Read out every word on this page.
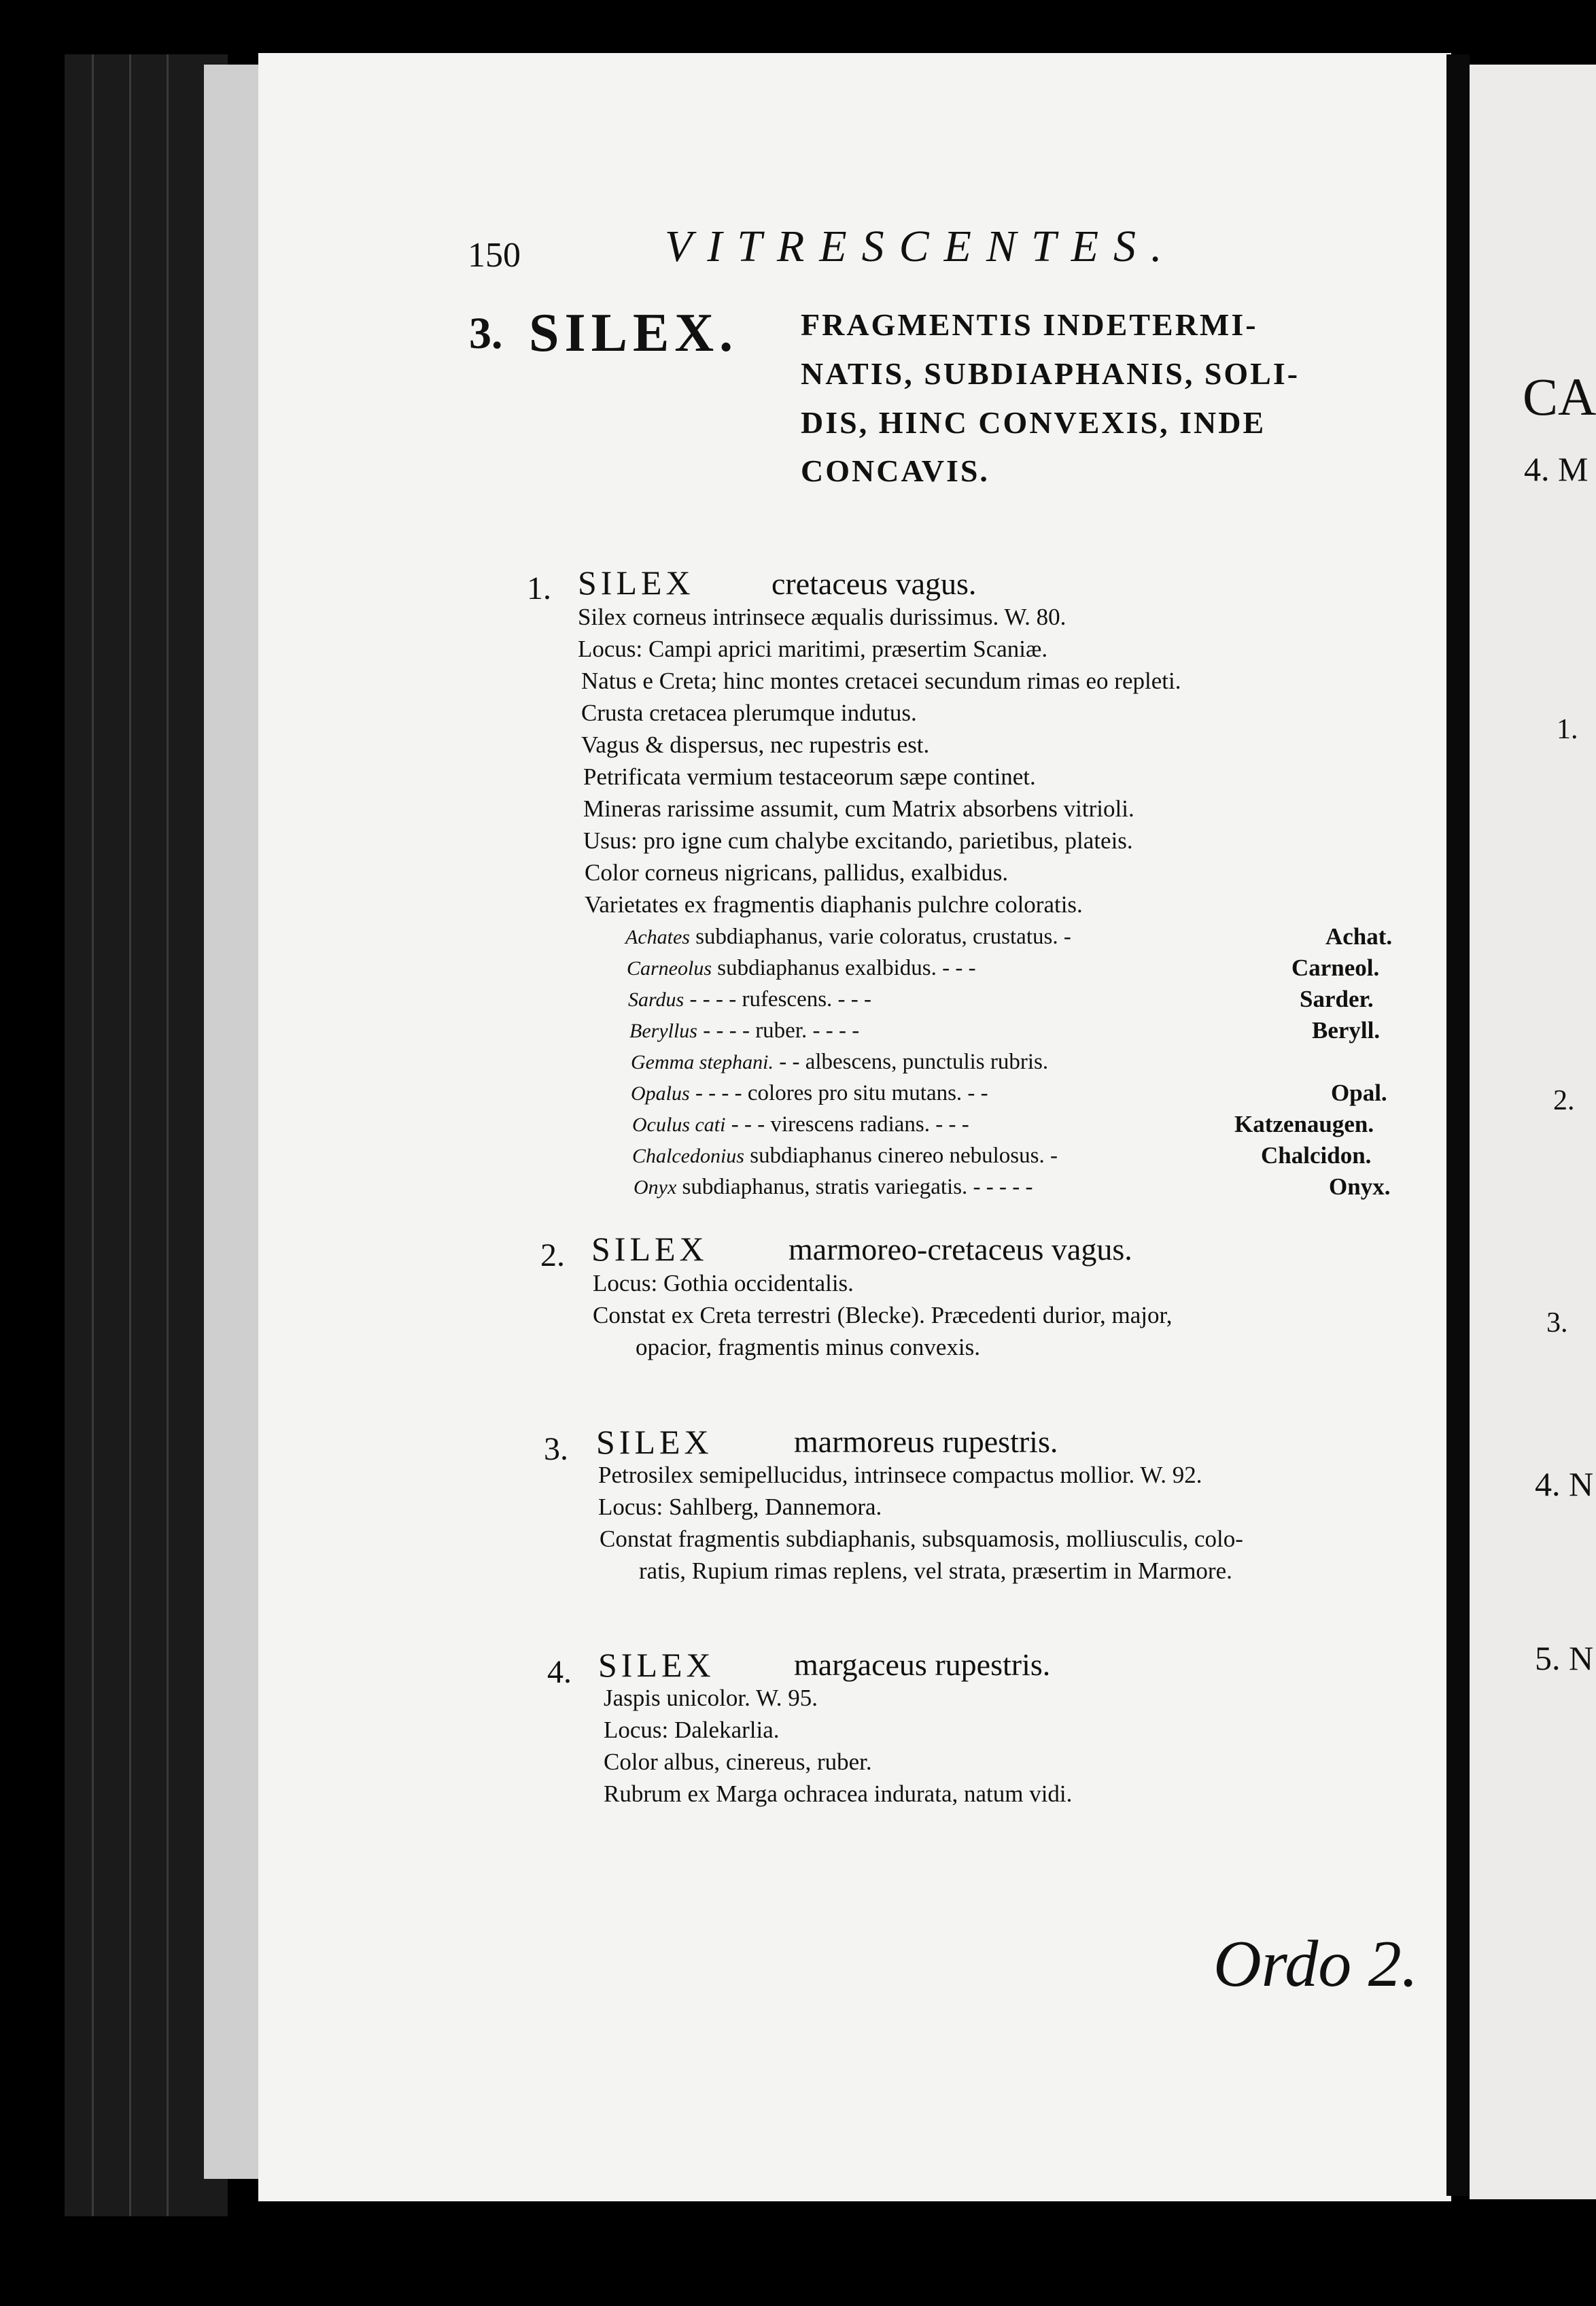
150	VITRESCENTES.
3. SILEX. FRAGMENTIS INDETERMI-
NATIS, SUBDIAPHANIS, SOLI-
DIS, HINC CONVEXIS, INDE
CONCAVIS.
1. SILEX cretaceus vagus.
Silex corneus intrinsece æqualis durissimus. W. 80.
Locus: Campi aprici maritimi, præsertim Scaniæ.
Natus e Creta; hinc montes cretacei secundum rimas eo repleti.
Crusta cretacea plerumque indutus.
Vagus & dispersus, nec rupestris est.
Petrificata vermium testaceorum sæpe continet.
Mineras rarissime assumit, cum Matrix absorbens vitrioli.
Usus: pro igne cum chalybe excitando, parietibus, plateis.
Color corneus nigricans, pallidus, exalbidus.
Varietates ex fragmentis diaphanis pulchre coloratis.
Achates subdiaphanus, varie coloratus, crustatus. -	Achat.
Carneolus subdiaphanus exalbidus. - - -	Carneol.
Sardus - - - - rufescens. - - -	Sarder.
Beryllus - - - - ruber. - - - -	Beryll.
Gemma stephani. - - albescens, punctulis rubris.
Opalus - - - - colores pro situ mutans. - -	Opal.
Oculus cati - - - virescens radians. - - -	Katzenaugen.
Chalcedonius subdiaphanus cinereo nebulosus. -	Chalcidon.
Onyx subdiaphanus, stratis variegatis. - - - - -	Onyx.
2. SILEX	marmoreo-cretaceus vagus.
Locus: Gothia occidentalis.
Constat ex Creta terrestri (Blecke). Præcedenti durior, major,
opacior, fragmentis minus convexis.
3. SILEX	marmoreus rupestris.
Petrosilex semipellucidus, intrinsece compactus mollior. W. 92.
Locus: Sahlberg, Dannemora.
Constat fragmentis subdiaphanis, subsquamosis, molliusculis, colo-
ratis, Rupium rimas replens, vel strata, præsertim in Marmore.
4. SILEX	margaceus rupestris.
Jaspis unicolor. W. 95.
Locus: Dalekarlia.
Color albus, cinereus, ruber.
Rubrum ex Marga ochracea indurata, natum vidi.
Ordo 2.
CA
4. M
1.
2.
3.
4. N
5. N
